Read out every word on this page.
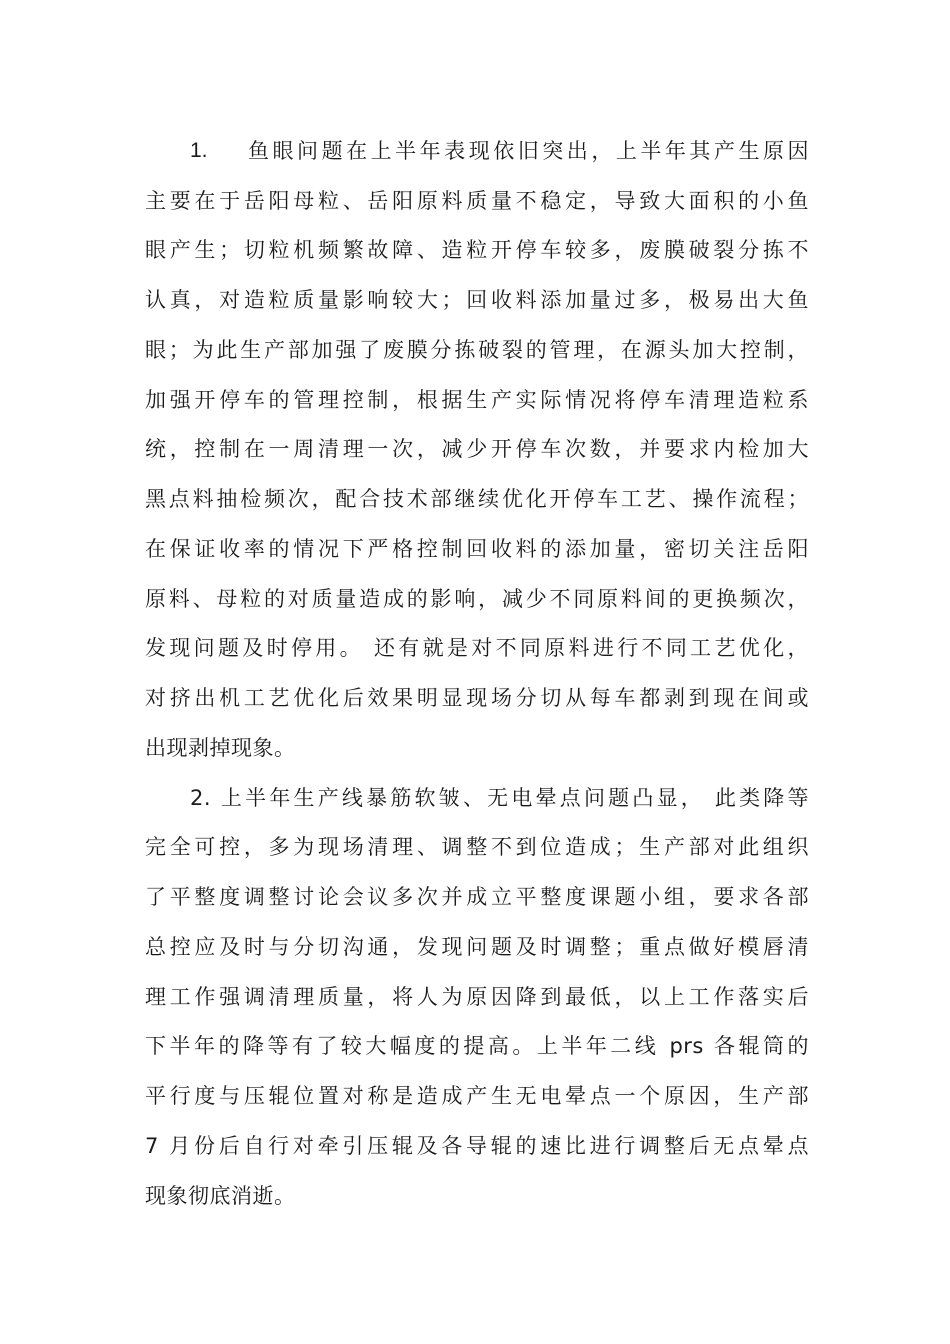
1. 鱼眼问题在上半年表现依旧突出，上半年其产生原因
主要在于岳阳母粒、岳阳原料质量不稳定，导致大面积的小鱼
眼产生；切粒机频繁故障、造粒开停车较多，废膜破裂分拣不
认真，对造粒质量影响较大；回收料添加量过多，极易出大鱼
眼；为此生产部加强了废膜分拣破裂的管理，在源头加大控制，
加强开停车的管理控制，根据生产实际情况将停车清理造粒系
统，控制在一周清理一次，减少开停车次数，并要求内检加大
黑点料抽检频次，配合技术部继续优化开停车工艺、操作流程；
在保证收率的情况下严格控制回收料的添加量，密切关注岳阳
原料、母粒的对质量造成的影响，减少不同原料间的更换频次，
发现问题及时停用。 还有就是对不同原料进行不同工艺优化，
对挤出机工艺优化后效果明显现场分切从每车都剥到现在间或
出现剥掉现象。
2. 上半年生产线暴筋软皱、无电晕点问题凸显， 此类降等
完全可控，多为现场清理、调整不到位造成；生产部对此组织
了平整度调整讨论会议多次并成立平整度课题小组，要求各部
总控应及时与分切沟通，发现问题及时调整；重点做好模唇清
理工作强调清理质量，将人为原因降到最低，以上工作落实后
下半年的降等有了较大幅度的提高。上半年二线 prs 各辊筒的
平行度与压辊位置对称是造成产生无电晕点一个原因，生产部
7 月份后自行对牵引压辊及各导辊的速比进行调整后无点晕点
现象彻底消逝。
